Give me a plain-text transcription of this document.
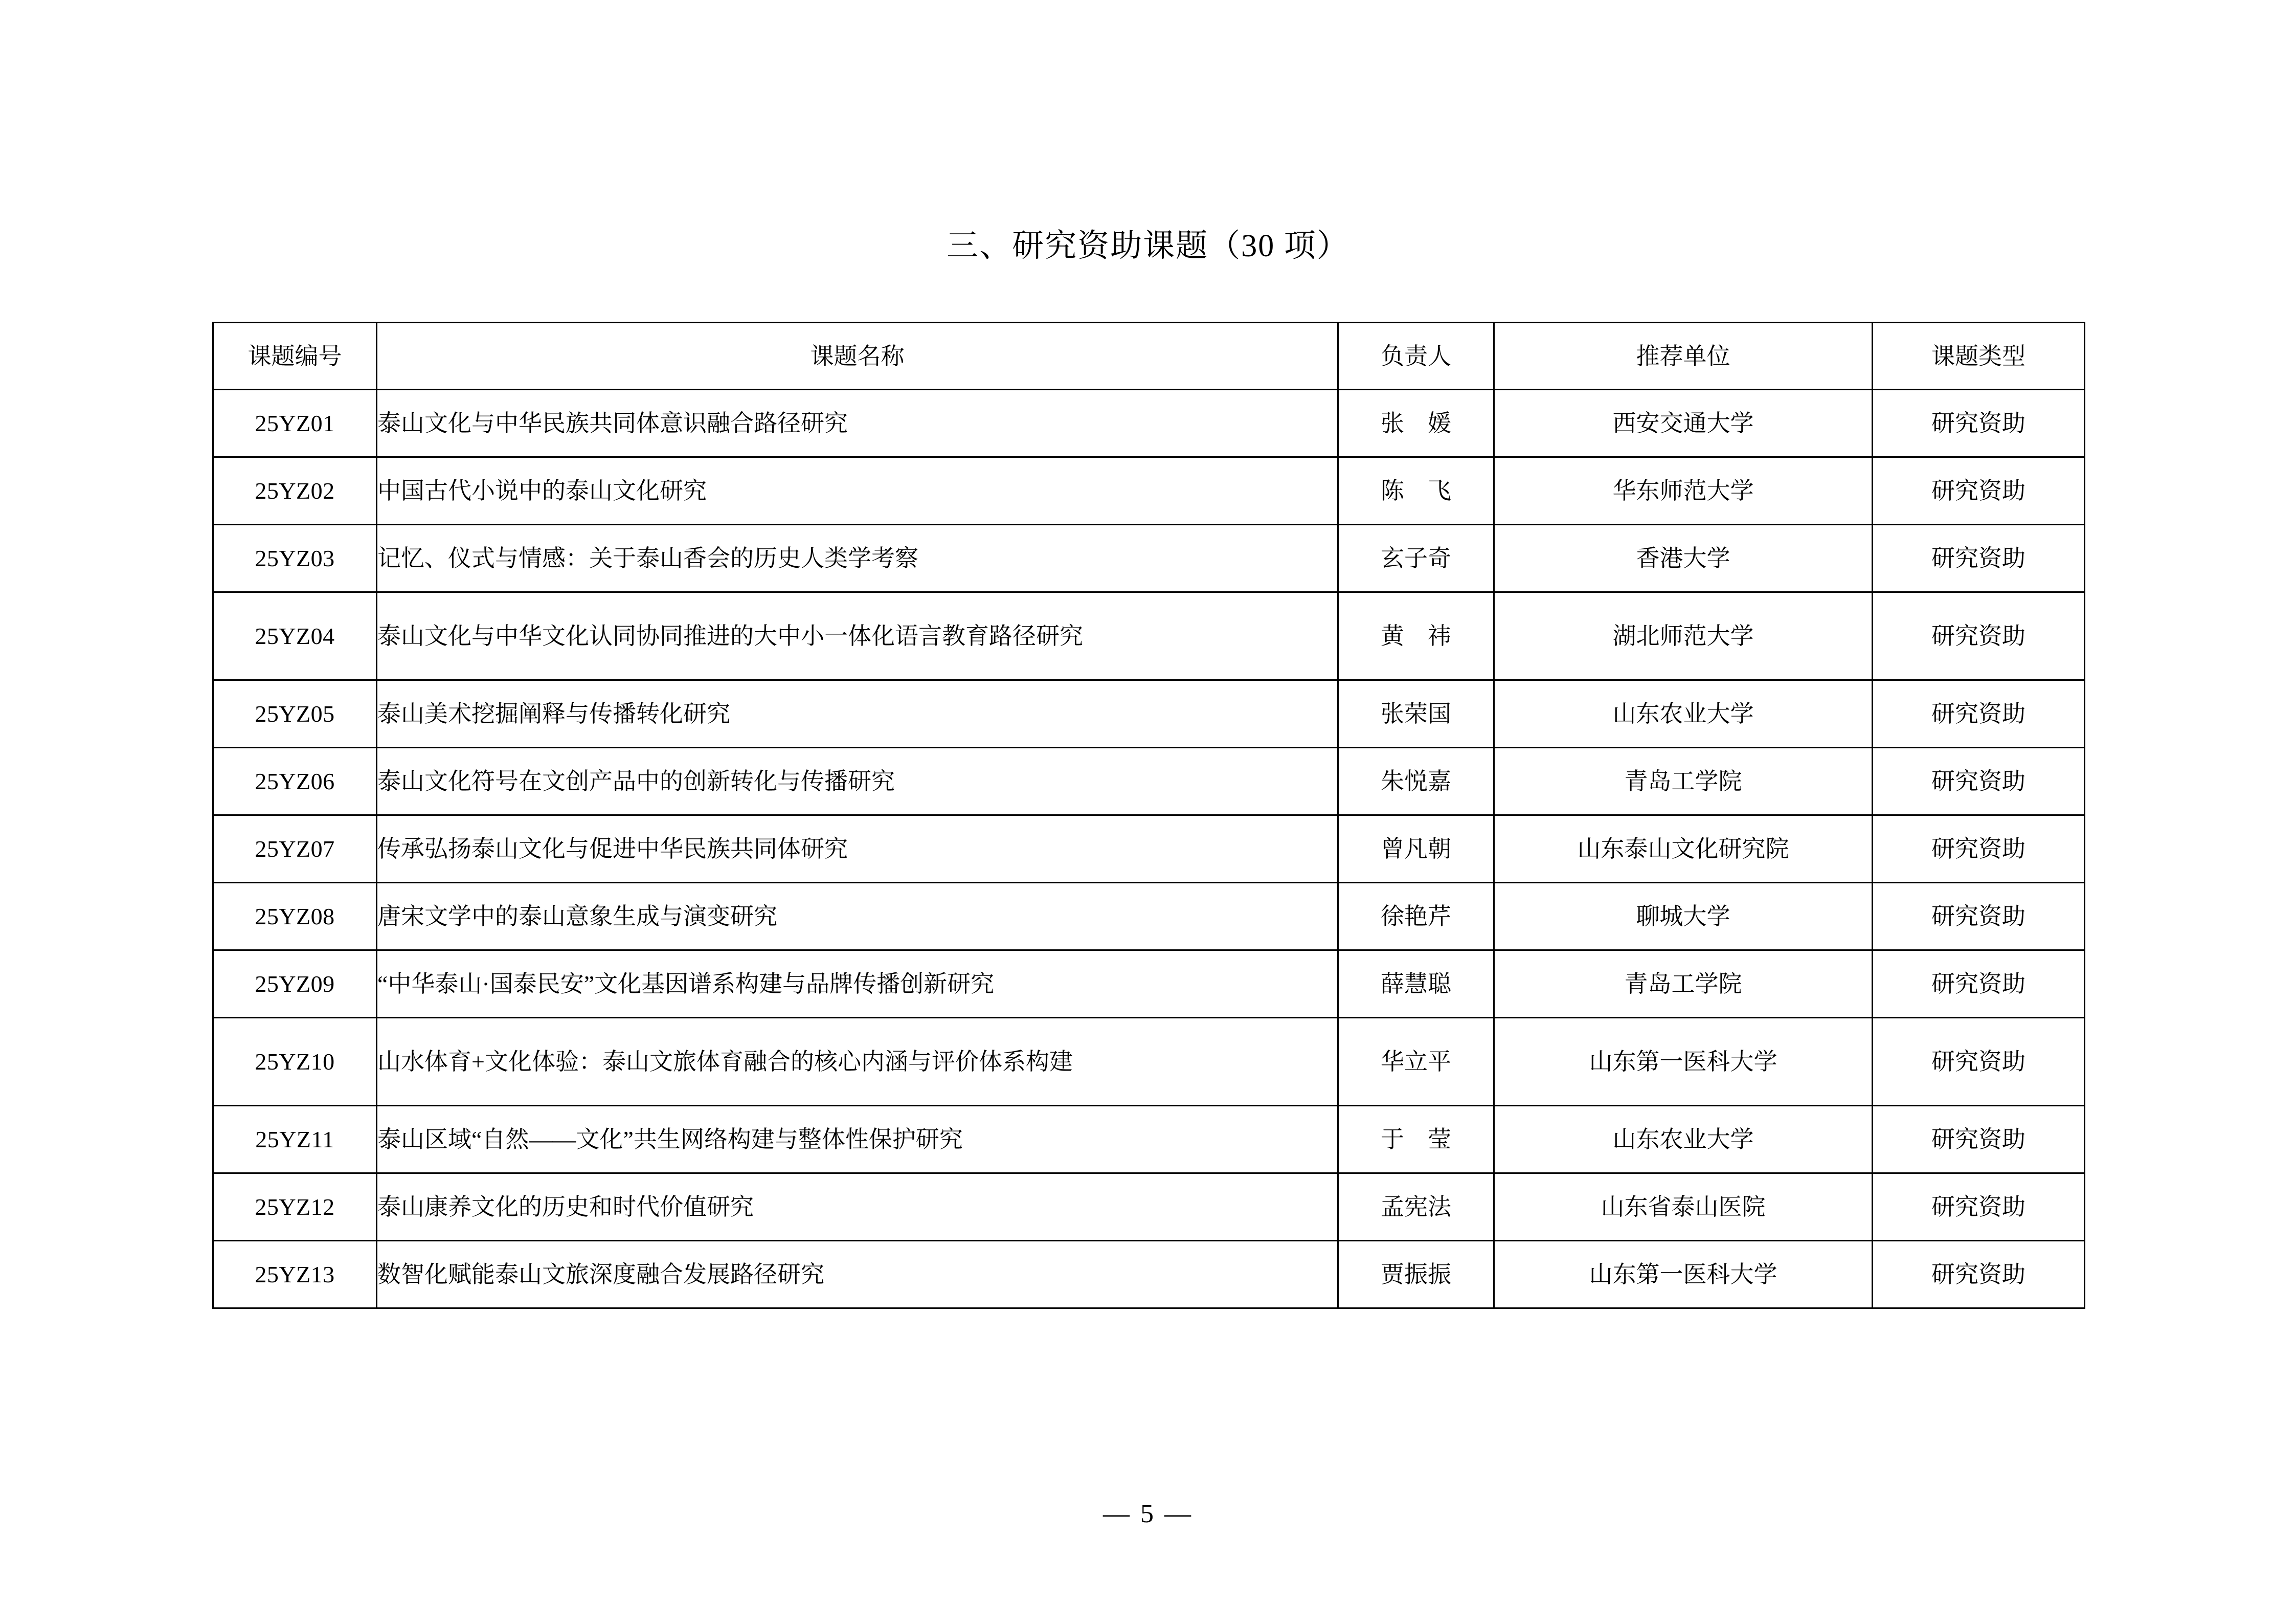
三、研究资助课题（30 项）
课题编号	课题名称	负责人	推荐单位	课题类型
25YZ01	泰山文化与中华民族共同体意识融合路径研究	张　媛	西安交通大学	研究资助
25YZ02	中国古代小说中的泰山文化研究	陈　飞	华东师范大学	研究资助
25YZ03	记忆、仪式与情感：关于泰山香会的历史人类学考察	玄子奇	香港大学	研究资助
25YZ04	泰山文化与中华文化认同协同推进的大中小一体化语言教育路径研究	黄　祎	湖北师范大学	研究资助
25YZ05	泰山美术挖掘阐释与传播转化研究	张荣国	山东农业大学	研究资助
25YZ06	泰山文化符号在文创产品中的创新转化与传播研究	朱悦嘉	青岛工学院	研究资助
25YZ07	传承弘扬泰山文化与促进中华民族共同体研究	曾凡朝	山东泰山文化研究院	研究资助
25YZ08	唐宋文学中的泰山意象生成与演变研究	徐艳芹	聊城大学	研究资助
25YZ09	“中华泰山·国泰民安”文化基因谱系构建与品牌传播创新研究	薛慧聪	青岛工学院	研究资助
25YZ10	山水体育+文化体验：泰山文旅体育融合的核心内涵与评价体系构建	华立平	山东第一医科大学	研究资助
25YZ11	泰山区域“自然——文化”共生网络构建与整体性保护研究	于　莹	山东农业大学	研究资助
25YZ12	泰山康养文化的历史和时代价值研究	孟宪法	山东省泰山医院	研究资助
25YZ13	数智化赋能泰山文旅深度融合发展路径研究	贾振振	山东第一医科大学	研究资助
— 5 —
